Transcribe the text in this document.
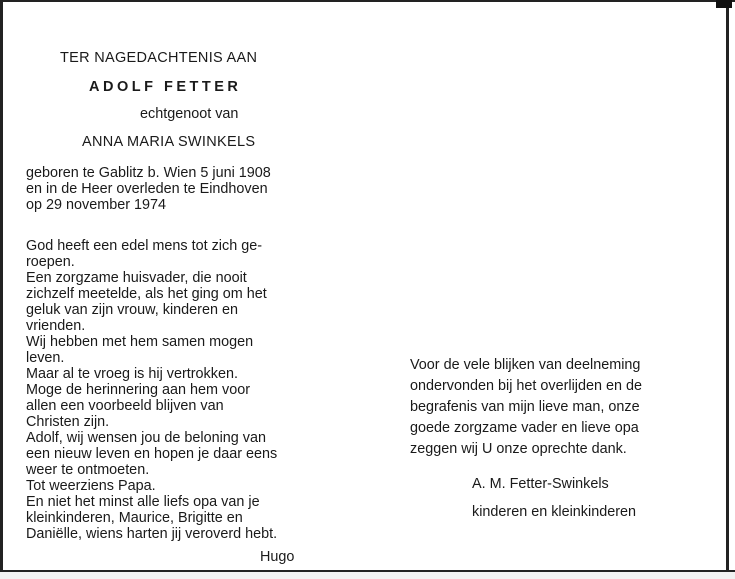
TER NAGEDACHTENIS AAN
ADOLF FETTER
echtgenoot van
ANNA MARIA SWINKELS
geboren te Gablitz b. Wien 5 juni 1908
en in de Heer overleden te Eindhoven
op 29 november 1974
God heeft een edel mens tot zich ge-
roepen.
Een zorgzame huisvader, die nooit
zichzelf meetelde, als het ging om het
geluk van zijn vrouw, kinderen en
vrienden.
Wij hebben met hem samen mogen
leven.
Maar al te vroeg is hij vertrokken.
Moge de herinnering aan hem voor
allen een voorbeeld blijven van
Christen zijn.
Adolf, wij wensen jou de beloning van
een nieuw leven en hopen je daar eens
weer te ontmoeten.
Tot weerziens Papa.
En niet het minst alle liefs opa van je
kleinkinderen, Maurice, Brigitte en
Daniëlle, wiens harten jij veroverd hebt.
Hugo
Voor de vele blijken van deelneming
ondervonden bij het overlijden en de
begrafenis van mijn lieve man, onze
goede zorgzame vader en lieve opa
zeggen wij U onze oprechte dank.
A. M. Fetter-Swinkels
kinderen en kleinkinderen
